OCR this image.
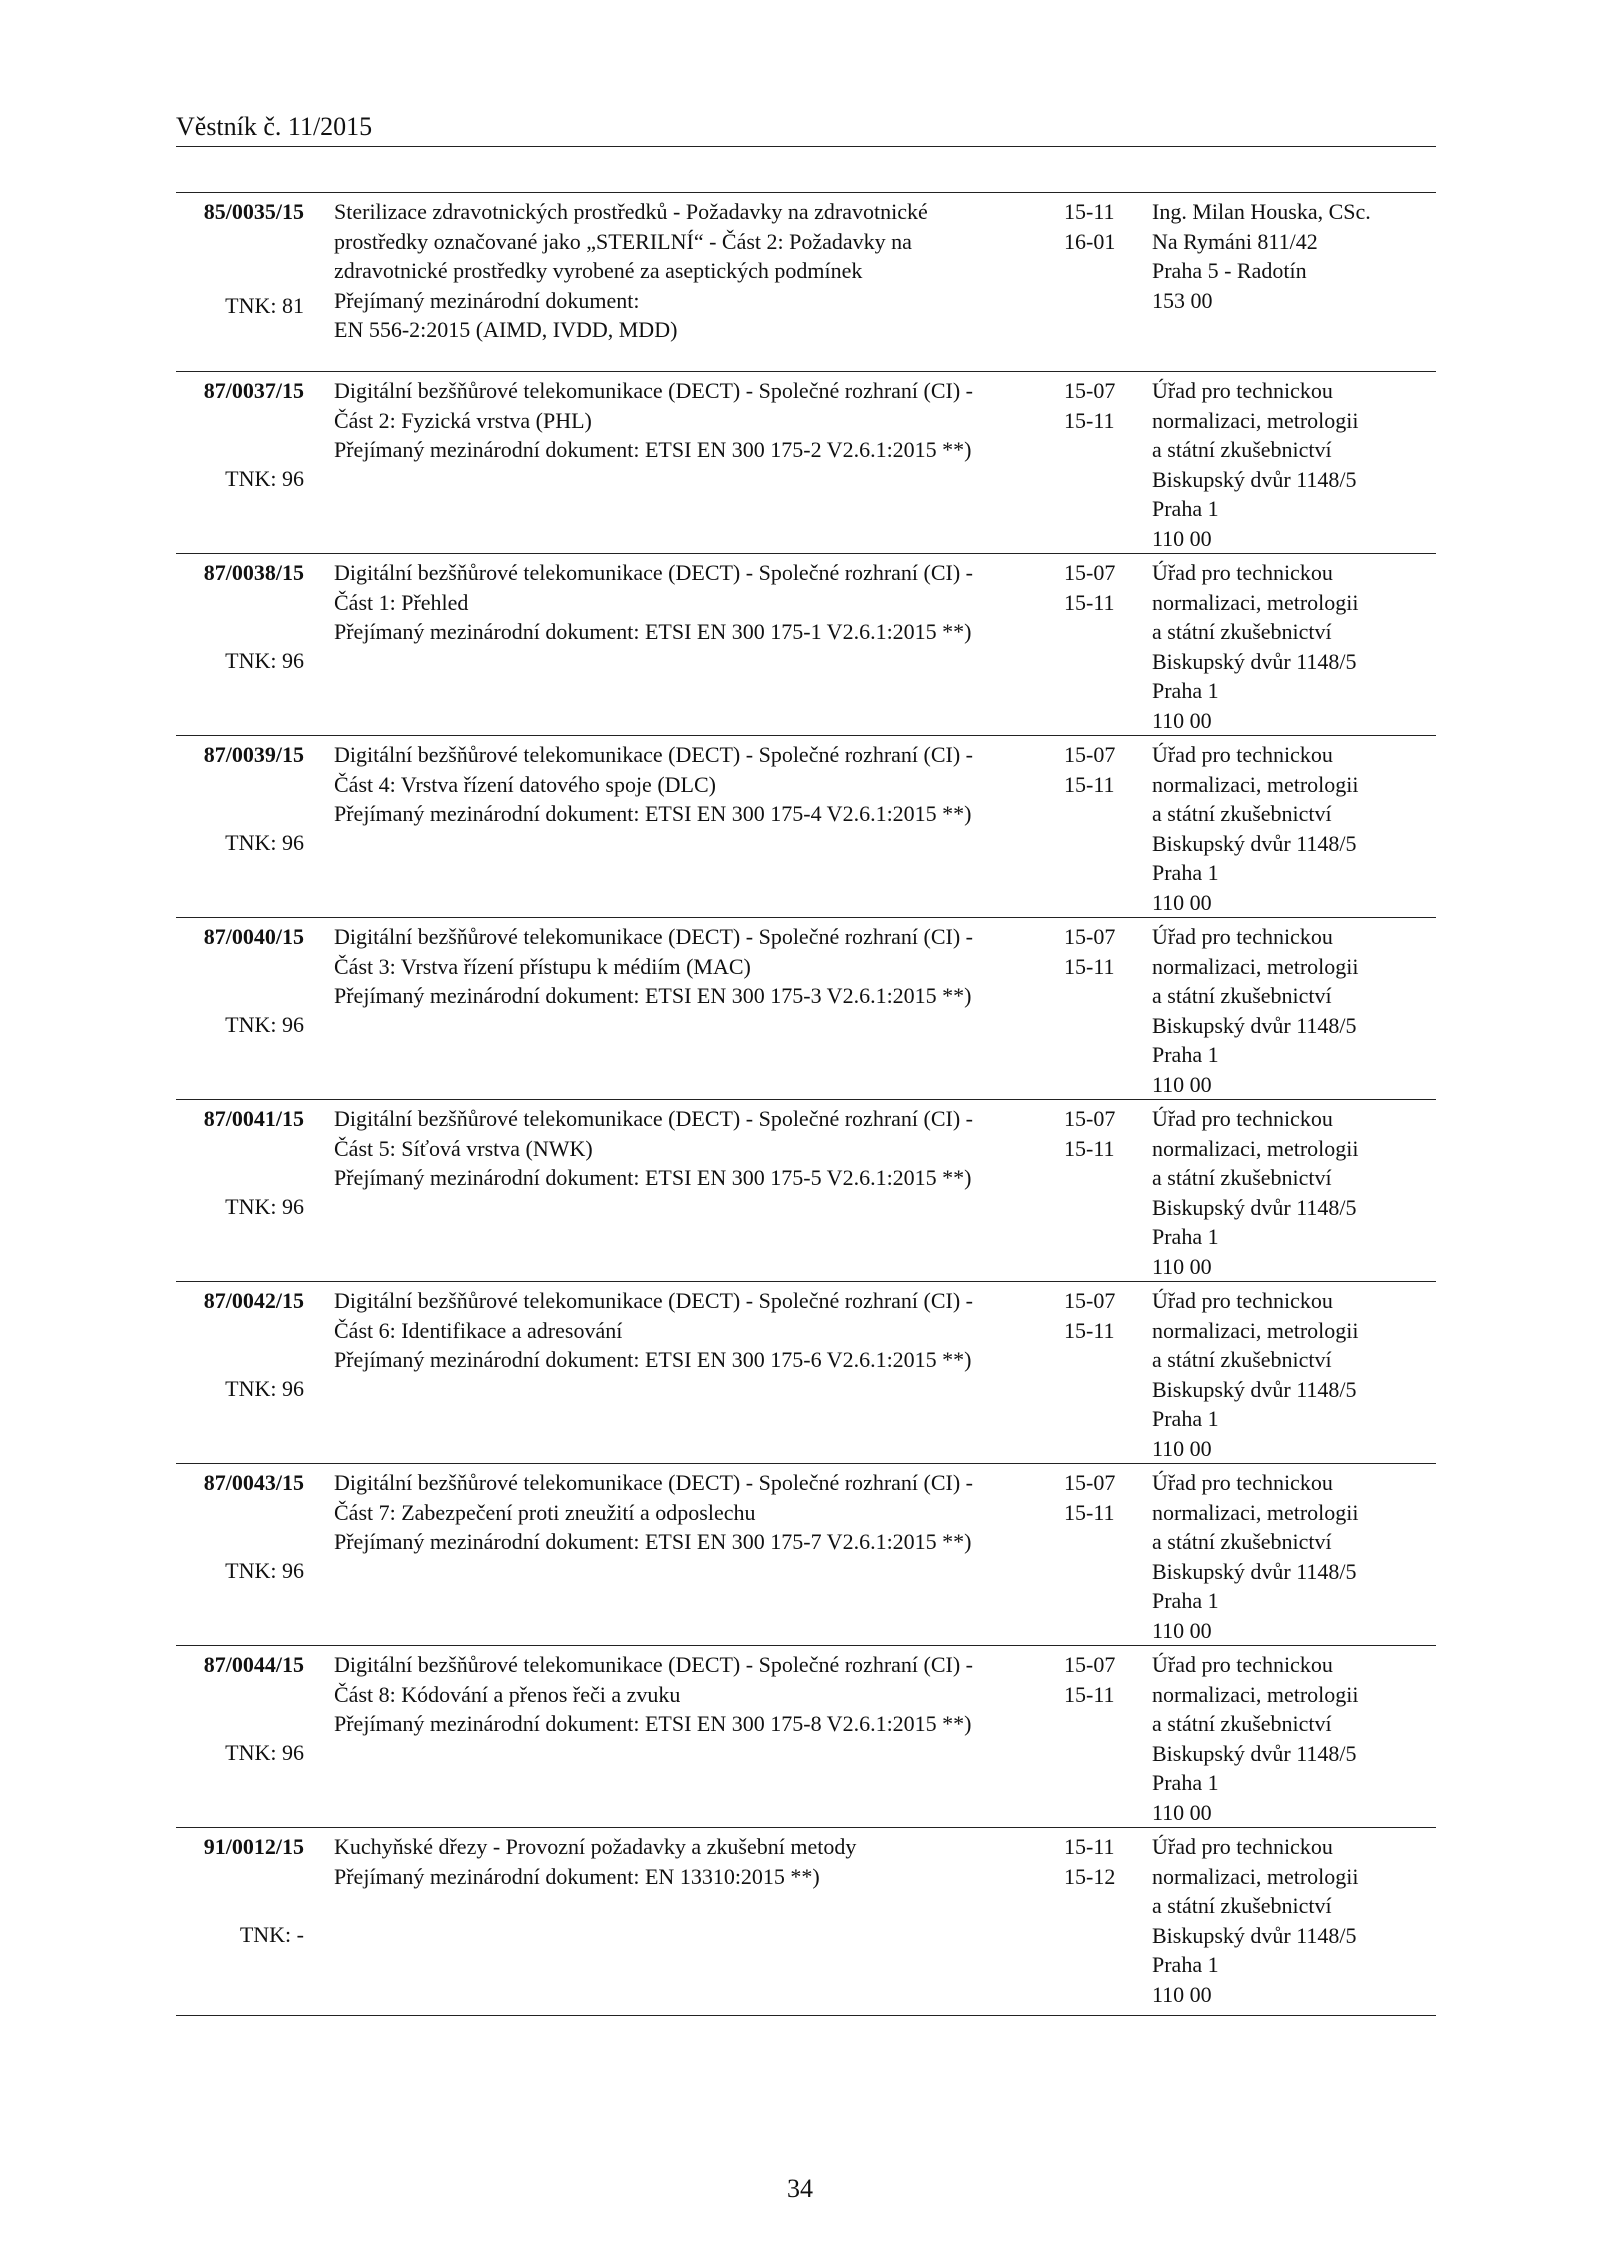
Věstník č. 11/2015
85/0035/15
TNK: 81
Sterilizace zdravotnických prostředků - Požadavky na zdravotnické
prostředky označované jako „STERILNÍ“ - Část 2: Požadavky na
zdravotnické prostředky vyrobené za aseptických podmínek
Přejímaný mezinárodní dokument:
EN 556-2:2015 (AIMD, IVDD, MDD)
15-11
16-01
Ing. Milan Houska, CSc.
Na Rymáni 811/42
Praha 5 - Radotín
153 00
87/0037/15
TNK: 96
Digitální bezšňůrové telekomunikace (DECT) - Společné rozhraní (CI) -
Část 2: Fyzická vrstva (PHL)
Přejímaný mezinárodní dokument: ETSI EN 300 175-2 V2.6.1:2015 **)
15-07
15-11
Úřad pro technickou
normalizaci, metrologii
a státní zkušebnictví
Biskupský dvůr 1148/5
Praha 1
110 00
87/0038/15
TNK: 96
Digitální bezšňůrové telekomunikace (DECT) - Společné rozhraní (CI) -
Část 1: Přehled
Přejímaný mezinárodní dokument: ETSI EN 300 175-1 V2.6.1:2015 **)
15-07
15-11
Úřad pro technickou
normalizaci, metrologii
a státní zkušebnictví
Biskupský dvůr 1148/5
Praha 1
110 00
87/0039/15
TNK: 96
Digitální bezšňůrové telekomunikace (DECT) - Společné rozhraní (CI) -
Část 4: Vrstva řízení datového spoje (DLC)
Přejímaný mezinárodní dokument: ETSI EN 300 175-4 V2.6.1:2015 **)
15-07
15-11
Úřad pro technickou
normalizaci, metrologii
a státní zkušebnictví
Biskupský dvůr 1148/5
Praha 1
110 00
87/0040/15
TNK: 96
Digitální bezšňůrové telekomunikace (DECT) - Společné rozhraní (CI) -
Část 3: Vrstva řízení přístupu k médiím (MAC)
Přejímaný mezinárodní dokument: ETSI EN 300 175-3 V2.6.1:2015 **)
15-07
15-11
Úřad pro technickou
normalizaci, metrologii
a státní zkušebnictví
Biskupský dvůr 1148/5
Praha 1
110 00
87/0041/15
TNK: 96
Digitální bezšňůrové telekomunikace (DECT) - Společné rozhraní (CI) -
Část 5: Síťová vrstva (NWK)
Přejímaný mezinárodní dokument: ETSI EN 300 175-5 V2.6.1:2015 **)
15-07
15-11
Úřad pro technickou
normalizaci, metrologii
a státní zkušebnictví
Biskupský dvůr 1148/5
Praha 1
110 00
87/0042/15
TNK: 96
Digitální bezšňůrové telekomunikace (DECT) - Společné rozhraní (CI) -
Část 6: Identifikace a adresování
Přejímaný mezinárodní dokument: ETSI EN 300 175-6 V2.6.1:2015 **)
15-07
15-11
Úřad pro technickou
normalizaci, metrologii
a státní zkušebnictví
Biskupský dvůr 1148/5
Praha 1
110 00
87/0043/15
TNK: 96
Digitální bezšňůrové telekomunikace (DECT) - Společné rozhraní (CI) -
Část 7: Zabezpečení proti zneužití a odposlechu
Přejímaný mezinárodní dokument: ETSI EN 300 175-7 V2.6.1:2015 **)
15-07
15-11
Úřad pro technickou
normalizaci, metrologii
a státní zkušebnictví
Biskupský dvůr 1148/5
Praha 1
110 00
87/0044/15
TNK: 96
Digitální bezšňůrové telekomunikace (DECT) - Společné rozhraní (CI) -
Část 8: Kódování a přenos řeči a zvuku
Přejímaný mezinárodní dokument: ETSI EN 300 175-8 V2.6.1:2015 **)
15-07
15-11
Úřad pro technickou
normalizaci, metrologii
a státní zkušebnictví
Biskupský dvůr 1148/5
Praha 1
110 00
91/0012/15
TNK: -
Kuchyňské dřezy - Provozní požadavky a zkušební metody
Přejímaný mezinárodní dokument: EN 13310:2015 **)
15-11
15-12
Úřad pro technickou
normalizaci, metrologii
a státní zkušebnictví
Biskupský dvůr 1148/5
Praha 1
110 00
34
